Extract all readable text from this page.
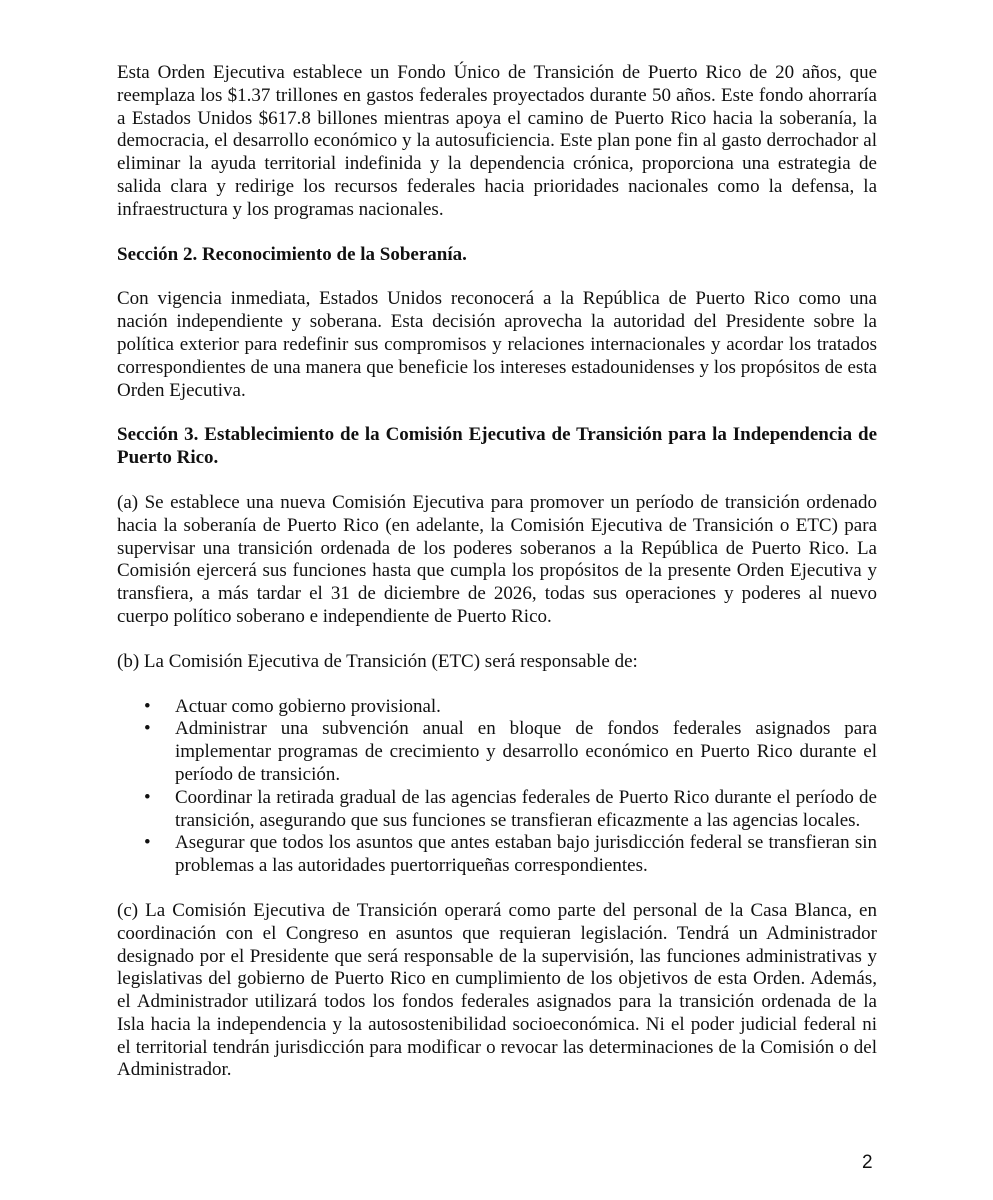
Esta Orden Ejecutiva establece un Fondo Único de Transición de Puerto Rico de 20 años, que reemplaza los $1.37 trillones en gastos federales proyectados durante 50 años. Este fondo ahorraría a Estados Unidos $617.8 billones mientras apoya el camino de Puerto Rico hacia la soberanía, la democracia, el desarrollo económico y la autosuficiencia. Este plan pone fin al gasto derrochador al eliminar la ayuda territorial indefinida y la dependencia crónica, proporciona una estrategia de salida clara y redirige los recursos federales hacia prioridades nacionales como la defensa, la infraestructura y los programas nacionales.

Sección 2. Reconocimiento de la Soberanía.

Con vigencia inmediata, Estados Unidos reconocerá a la República de Puerto Rico como una nación independiente y soberana. Esta decisión aprovecha la autoridad del Presidente sobre la política exterior para redefinir sus compromisos y relaciones internacionales y acordar los tratados correspondientes de una manera que beneficie los intereses estadounidenses y los propósitos de esta Orden Ejecutiva.

Sección 3. Establecimiento de la Comisión Ejecutiva de Transición para la Independencia de Puerto Rico.

(a) Se establece una nueva Comisión Ejecutiva para promover un período de transición ordenado hacia la soberanía de Puerto Rico (en adelante, la Comisión Ejecutiva de Transición o ETC) para supervisar una transición ordenada de los poderes soberanos a la República de Puerto Rico. La Comisión ejercerá sus funciones hasta que cumpla los propósitos de la presente Orden Ejecutiva y transfiera, a más tardar el 31 de diciembre de 2026, todas sus operaciones y poderes al nuevo cuerpo político soberano e independiente de Puerto Rico.

(b) La Comisión Ejecutiva de Transición (ETC) será responsable de:

• Actuar como gobierno provisional.
• Administrar una subvención anual en bloque de fondos federales asignados para implementar programas de crecimiento y desarrollo económico en Puerto Rico durante el período de transición.
• Coordinar la retirada gradual de las agencias federales de Puerto Rico durante el período de transición, asegurando que sus funciones se transfieran eficazmente a las agencias locales.
• Asegurar que todos los asuntos que antes estaban bajo jurisdicción federal se transfieran sin problemas a las autoridades puertorriqueñas correspondientes.

(c) La Comisión Ejecutiva de Transición operará como parte del personal de la Casa Blanca, en coordinación con el Congreso en asuntos que requieran legislación. Tendrá un Administrador designado por el Presidente que será responsable de la supervisión, las funciones administrativas y legislativas del gobierno de Puerto Rico en cumplimiento de los objetivos de esta Orden. Además, el Administrador utilizará todos los fondos federales asignados para la transición ordenada de la Isla hacia la independencia y la autosostenibilidad socioeconómica. Ni el poder judicial federal ni el territorial tendrán jurisdicción para modificar o revocar las determinaciones de la Comisión o del Administrador.

2
